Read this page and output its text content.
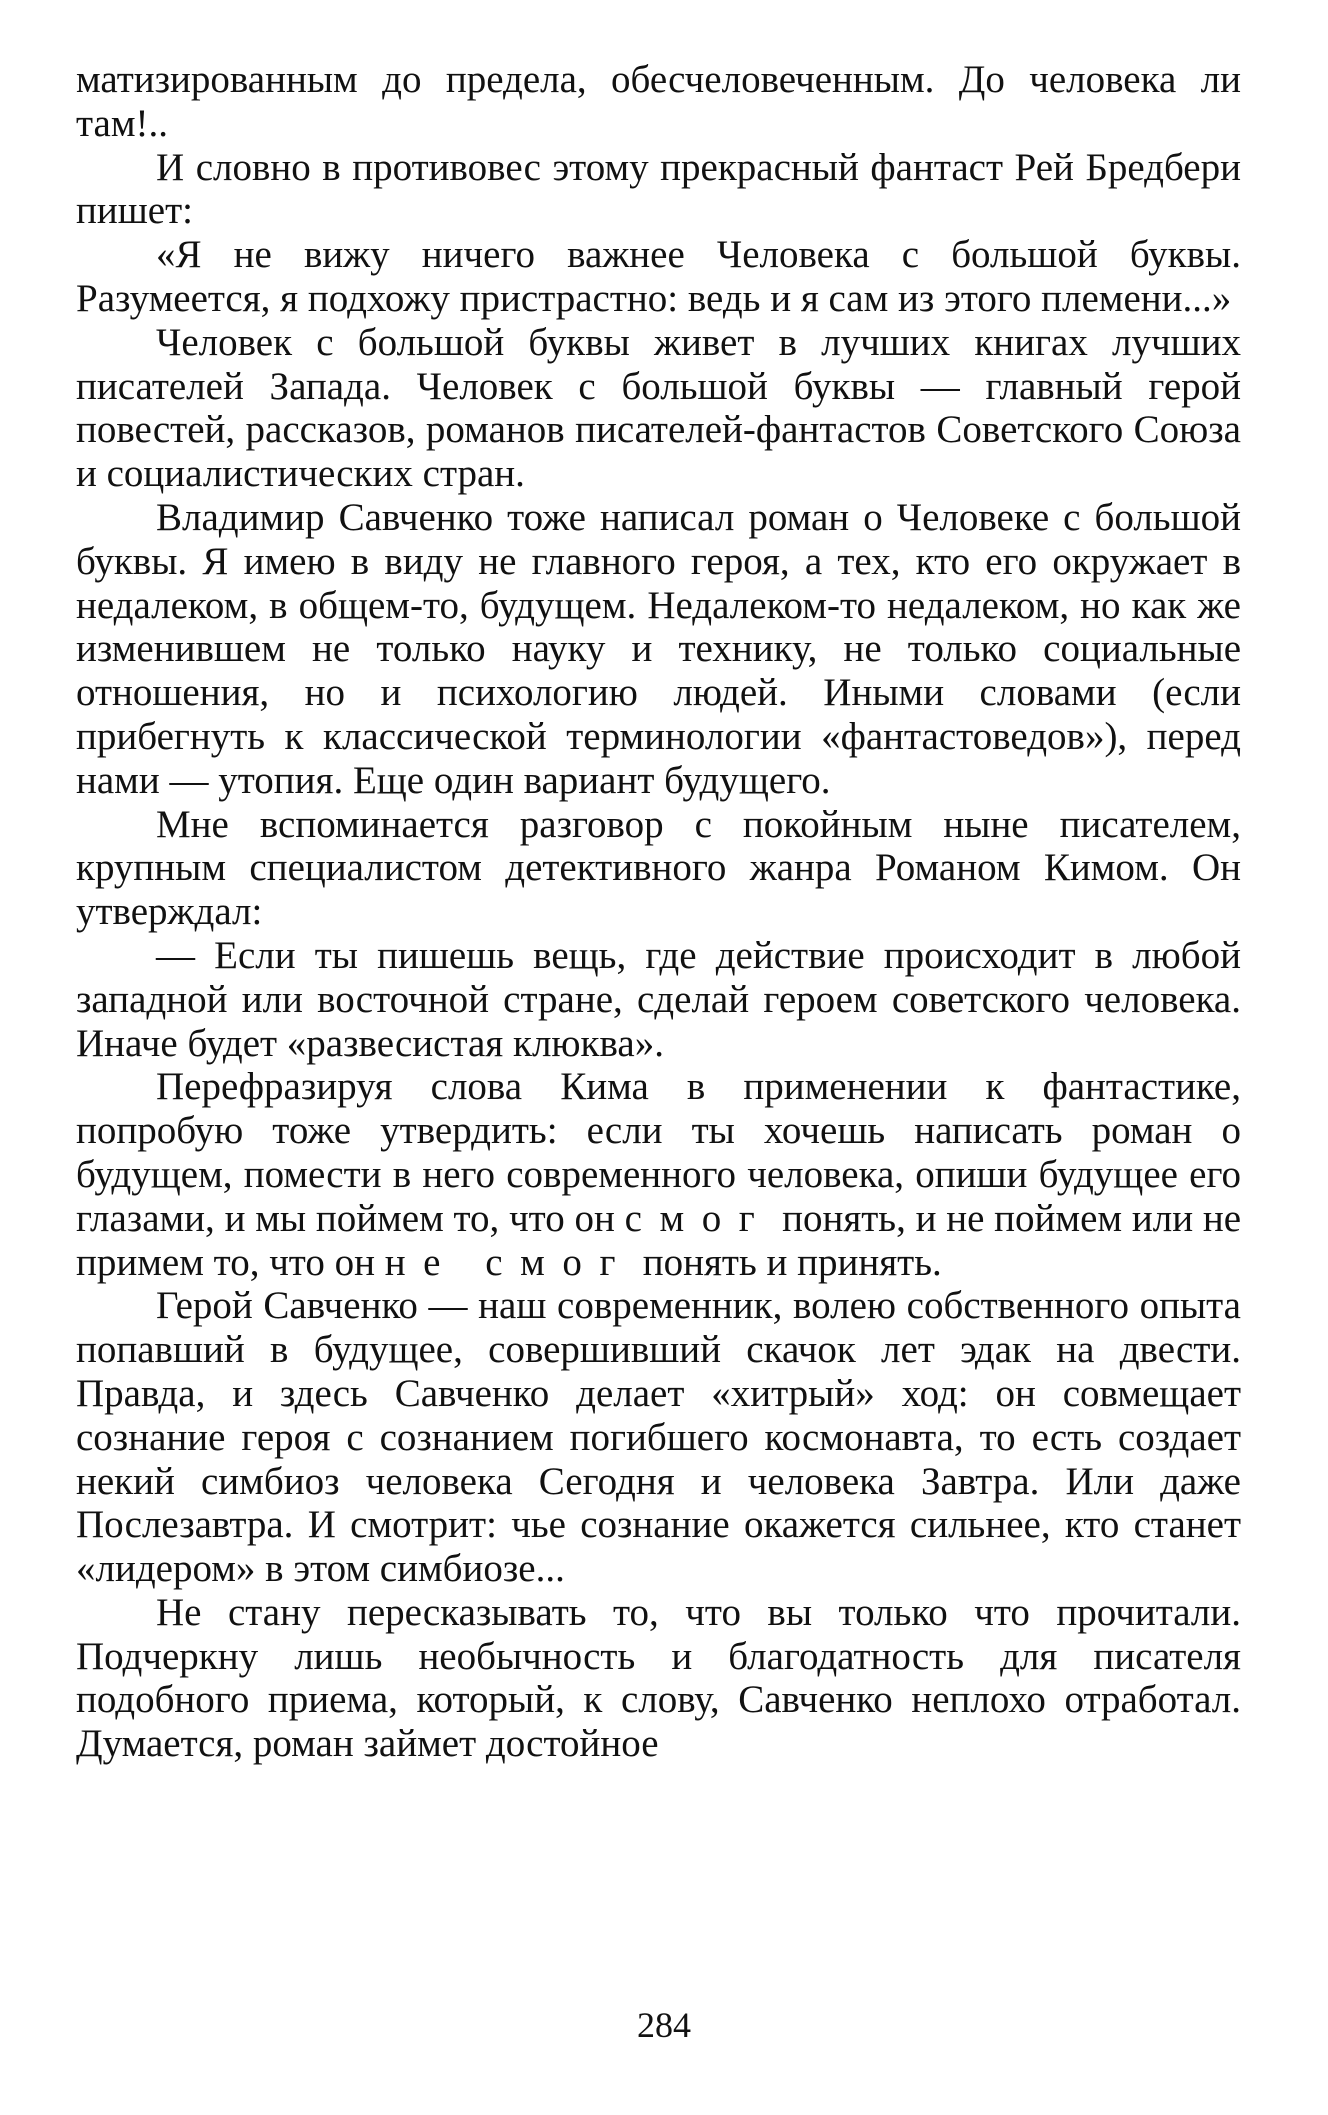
матизированным до предела, обесчеловеченным. До человека ли там!..

И словно в противовес этому прекрасный фантаст Рей Бредбери пишет:

«Я не вижу ничего важнее Человека с большой буквы. Разумеется, я подхожу пристрастно: ведь и я сам из этого племени...»

Человек с большой буквы живет в лучших книгах лучших писателей Запада. Человек с большой буквы — главный герой повестей, рассказов, романов писателей-фантастов Советского Союза и социалистических стран.

Владимир Савченко тоже написал роман о Человеке с большой буквы. Я имею в виду не главного героя, а тех, кто его окружает в недалеком, в общем-то, будущем. Недалеком-то недалеком, но как же изменившем не только науку и технику, не только социальные отношения, но и психологию людей. Иными словами (если прибегнуть к классической терминологии «фантастоведов»), перед нами — утопия. Еще один вариант будущего.

Мне вспоминается разговор с покойным ныне писателем, крупным специалистом детективного жанра Романом Кимом. Он утверждал:

— Если ты пишешь вещь, где действие происходит в любой западной или восточной стране, сделай героем советского человека. Иначе будет «развесистая клюква».

Перефразируя слова Кима в применении к фантастике, попробую тоже утвердить: если ты хочешь написать роман о будущем, помести в него современного человека, опиши будущее его глазами, и мы поймем то, что он смог понять, и не поймем или не примем то, что он не смог понять и принять.

Герой Савченко — наш современник, волею собственного опыта попавший в будущее, совершивший скачок лет эдак на двести. Правда, и здесь Савченко делает «хитрый» ход: он совмещает сознание героя с сознанием погибшего космонавта, то есть создает некий симбиоз человека Сегодня и человека Завтра. Или даже Послезавтра. И смотрит: чье сознание окажется сильнее, кто станет «лидером» в этом симбиозе...

Не стану пересказывать то, что вы только что прочитали. Подчеркну лишь необычность и благодатность для писателя подобного приема, который, к слову, Савченко неплохо отработал. Думается, роман займет достойное

284
